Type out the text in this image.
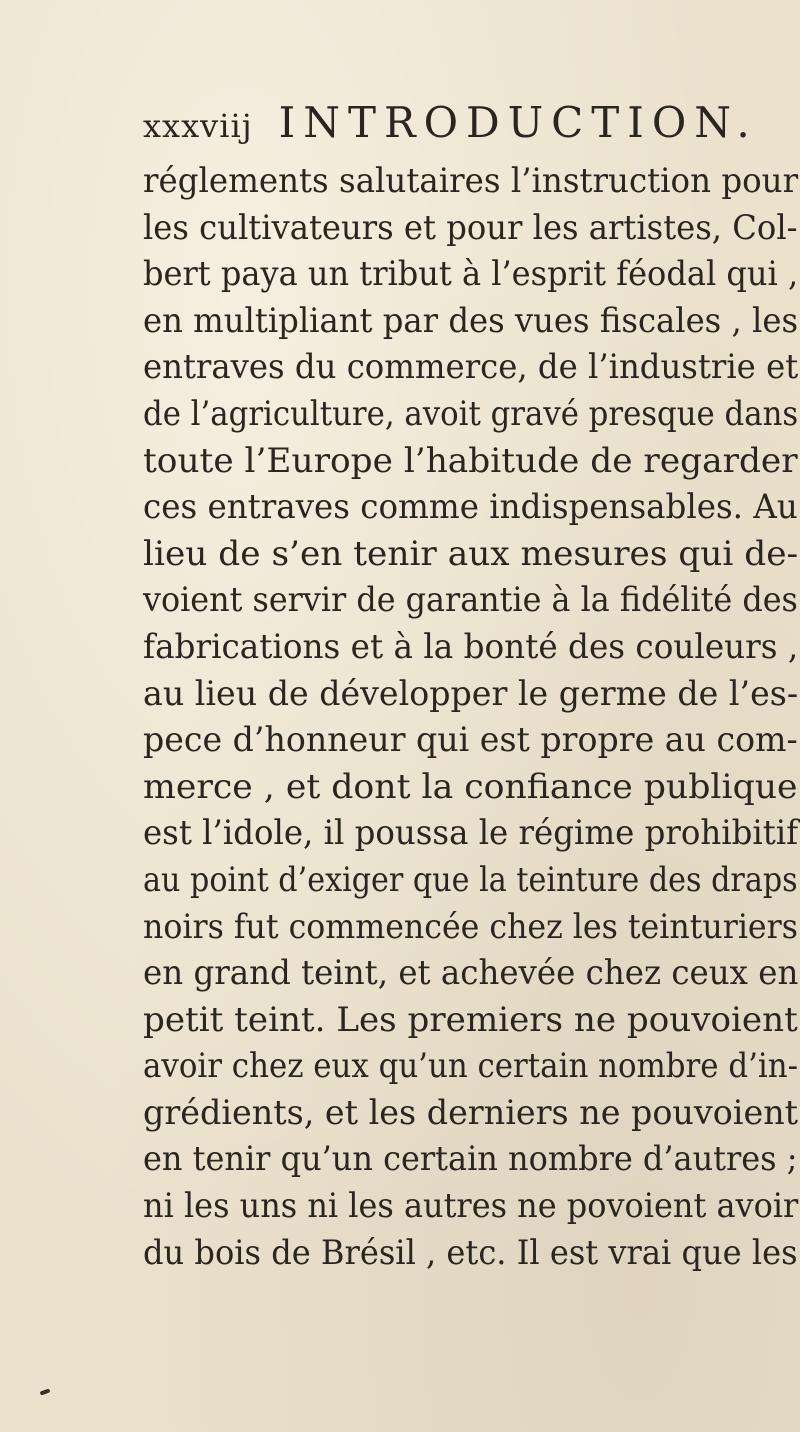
xxxviij INTRODUCTION.
réglements salutaires l’instruction pour
les cultivateurs et pour les artistes, Col-
bert paya un tribut à l’esprit féodal qui ,
en multipliant par des vues fiscales , les
entraves du commerce, de l’industrie et
de l’agriculture, avoit gravé presque dans
toute l’Europe l’habitude de regarder
ces entraves comme indispensables. Au
lieu de s’en tenir aux mesures qui de-
voient servir de garantie à la fidélité des
fabrications et à la bonté des couleurs ,
au lieu de développer le germe de l’es-
pece d’honneur qui est propre au com-
merce , et dont la confiance publique
est l’idole, il poussa le régime prohibitif
au point d’exiger que la teinture des draps
noirs fut commencée chez les teinturiers
en grand teint, et achevée chez ceux en
petit teint. Les premiers ne pouvoient
avoir chez eux qu’un certain nombre d’in-
grédients, et les derniers ne pouvoient
en tenir qu’un certain nombre d’autres ;
ni les uns ni les autres ne povoient avoir
du bois de Brésil , etc. Il est vrai que les
